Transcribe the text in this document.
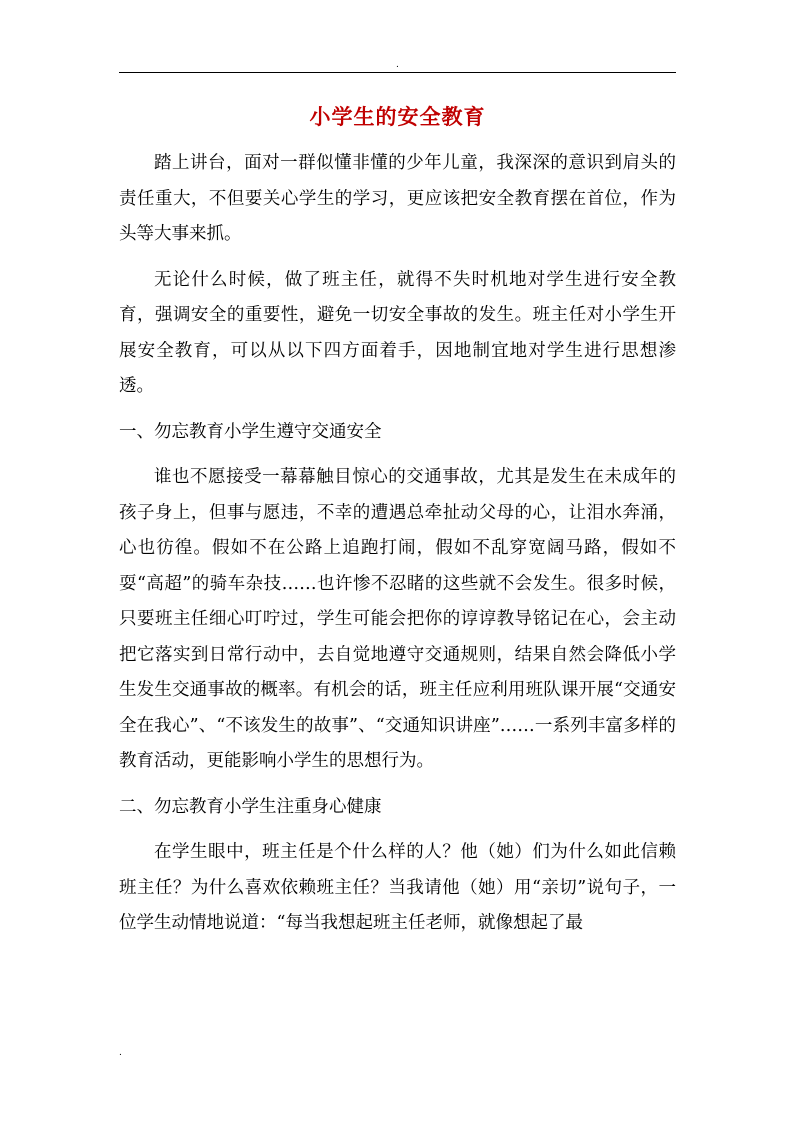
.
小学生的安全教育

踏上讲台，面对一群似懂非懂的少年儿童，我深深的意识到肩头的责任重大，不但要关心学生的学习，更应该把安全教育摆在首位，作为头等大事来抓。

无论什么时候，做了班主任，就得不失时机地对学生进行安全教育，强调安全的重要性，避免一切安全事故的发生。班主任对小学生开展安全教育，可以从以下四方面着手，因地制宜地对学生进行思想渗透。

一、勿忘教育小学生遵守交通安全

谁也不愿接受一幕幕触目惊心的交通事故，尤其是发生在未成年的孩子身上，但事与愿违，不幸的遭遇总牵扯动父母的心，让泪水奔涌，心也彷徨。假如不在公路上追跑打闹，假如不乱穿宽阔马路，假如不耍“高超”的骑车杂技……也许惨不忍睹的这些就不会发生。很多时候，只要班主任细心叮咛过，学生可能会把你的谆谆教导铭记在心，会主动把它落实到日常行动中，去自觉地遵守交通规则，结果自然会降低小学生发生交通事故的概率。有机会的话，班主任应利用班队课开展“交通安全在我心”、“不该发生的故事”、“交通知识讲座”……一系列丰富多样的教育活动，更能影响小学生的思想行为。

二、勿忘教育小学生注重身心健康

在学生眼中，班主任是个什么样的人？他（她）们为什么如此信赖班主任？为什么喜欢依赖班主任？当我请他（她）用“亲切”说句子，一位学生动情地说道：“每当我想起班主任老师，就像想起了最

.
